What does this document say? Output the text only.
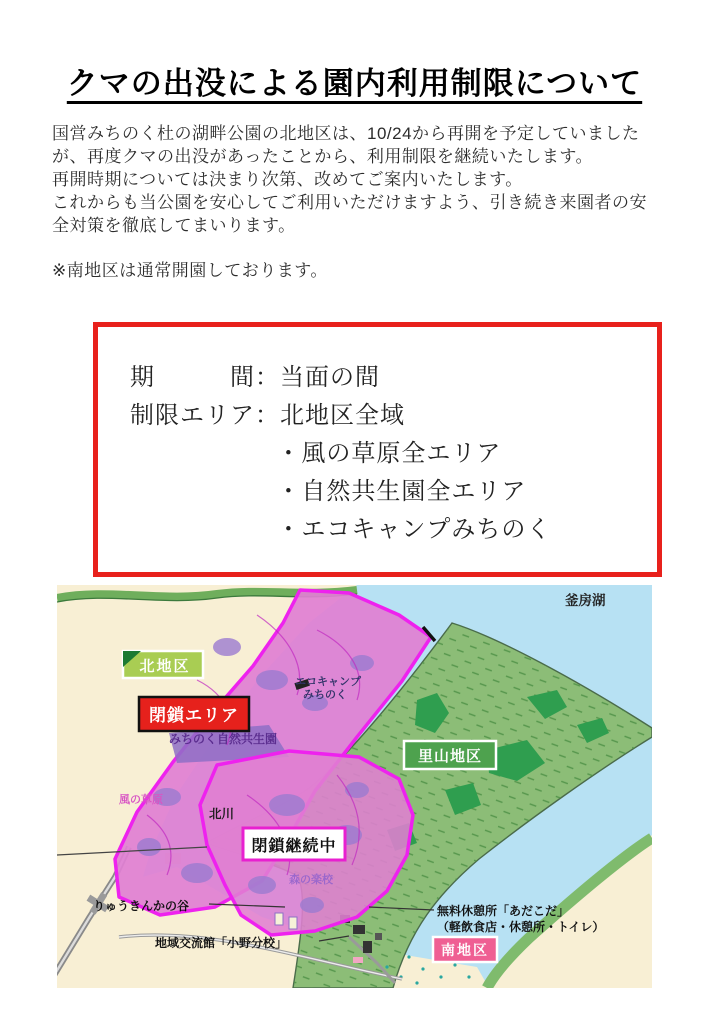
クマの出没による園内利用制限について

国営みちのく杜の湖畔公園の北地区は、10/24から再開を予定していましたが、再度クマの出没があったことから、利用制限を継続いたします。

再開時期については決まり次第、改めてご案内いたします。

これからも当公園を安心してご利用いただけますよう、引き続き来園者の安全対策を徹底してまいります。

※南地区は通常開園しております。
期　　　間：当面の間
制限エリア：北地区全域
・風の草原全エリア
・自然共生園全エリア
・エコキャンプみちのく
釜房湖
北地区
閉鎖エリア
エコキャンプ
みちのく
みちのく自然共生園
里山地区
風の草原
北川
閉鎖継続中
森の楽校
りゅうきんかの谷	無料休憩所「あだこだ」
（軽飲食店・休憩所・トイレ）
地域交流館「小野分校」	南地区
